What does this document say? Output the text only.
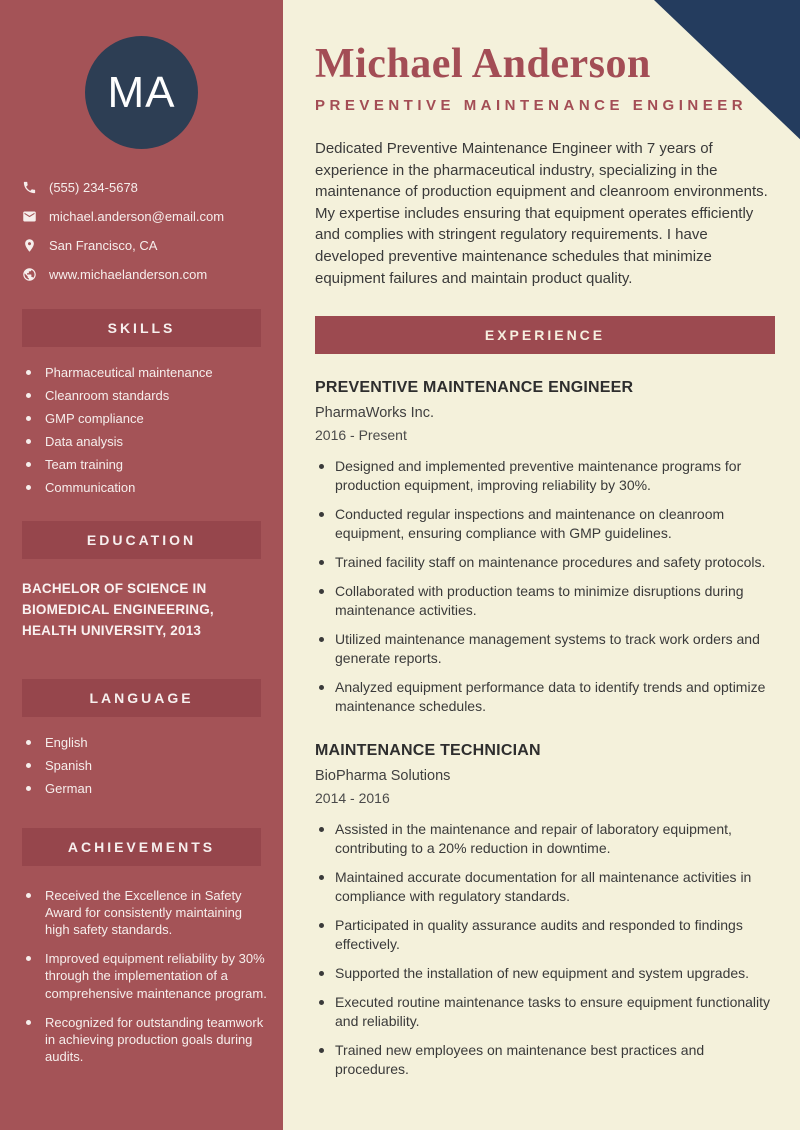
MA
(555) 234-5678
michael.anderson@email.com
San Francisco, CA
www.michaelanderson.com
SKILLS
Pharmaceutical maintenance
Cleanroom standards
GMP compliance
Data analysis
Team training
Communication
EDUCATION
BACHELOR OF SCIENCE IN BIOMEDICAL ENGINEERING, HEALTH UNIVERSITY, 2013
LANGUAGE
English
Spanish
German
ACHIEVEMENTS
Received the Excellence in Safety Award for consistently maintaining high safety standards.
Improved equipment reliability by 30% through the implementation of a comprehensive maintenance program.
Recognized for outstanding teamwork in achieving production goals during audits.
Michael Anderson
PREVENTIVE MAINTENANCE ENGINEER

Dedicated Preventive Maintenance Engineer with 7 years of experience in the pharmaceutical industry, specializing in the maintenance of production equipment and cleanroom environments. My expertise includes ensuring that equipment operates efficiently and complies with stringent regulatory requirements. I have developed preventive maintenance schedules that minimize equipment failures and maintain product quality.

EXPERIENCE
PREVENTIVE MAINTENANCE ENGINEER
PharmaWorks Inc.
2016 - Present
Designed and implemented preventive maintenance programs for production equipment, improving reliability by 30%.
Conducted regular inspections and maintenance on cleanroom equipment, ensuring compliance with GMP guidelines.
Trained facility staff on maintenance procedures and safety protocols.
Collaborated with production teams to minimize disruptions during maintenance activities.
Utilized maintenance management systems to track work orders and generate reports.
Analyzed equipment performance data to identify trends and optimize maintenance schedules.
MAINTENANCE TECHNICIAN
BioPharma Solutions
2014 - 2016
Assisted in the maintenance and repair of laboratory equipment, contributing to a 20% reduction in downtime.
Maintained accurate documentation for all maintenance activities in compliance with regulatory standards.
Participated in quality assurance audits and responded to findings effectively.
Supported the installation of new equipment and system upgrades.
Executed routine maintenance tasks to ensure equipment functionality and reliability.
Trained new employees on maintenance best practices and procedures.
